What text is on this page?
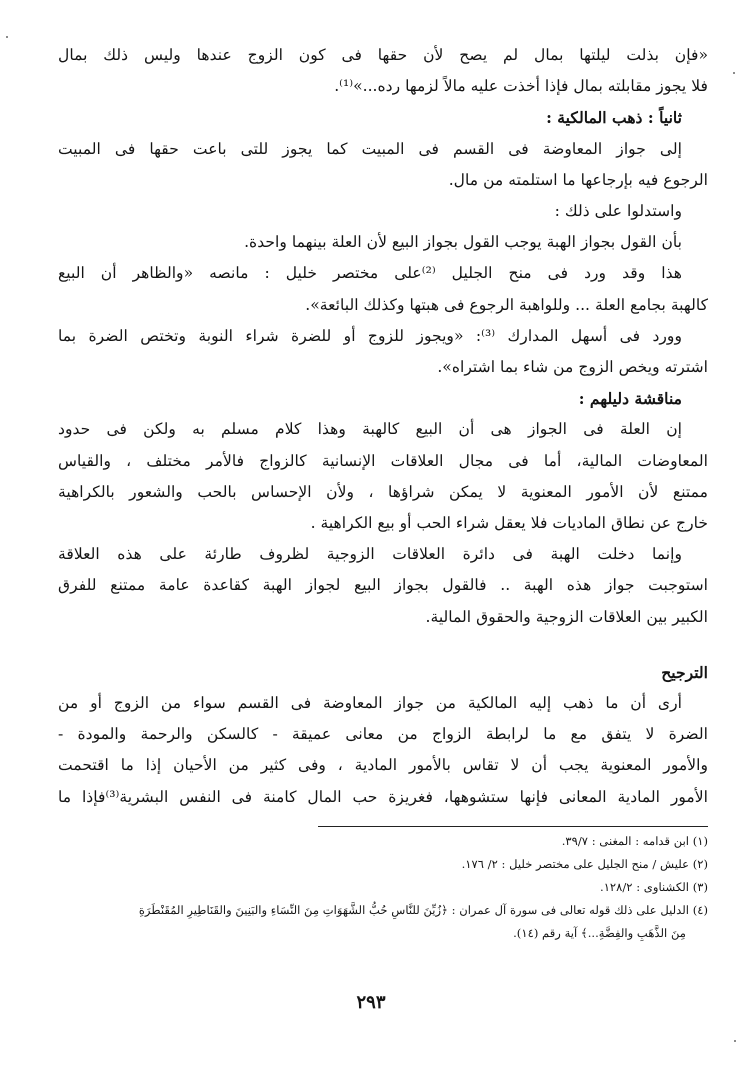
«فإن بذلت ليلتها بمال لم يصح لأن حقها فى كون الزوج عندها وليس ذلك بمال
فلا يجوز مقابلته بمال فإذا أخذت عليه مالاً لزمها رده...»⁽¹⁾.
ثانياً : ذهب المالكية :
إلى جواز المعاوضة فى القسم فى المبيت كما يجوز للتى باعت حقها فى المبيت
الرجوع فيه بإرجاعها ما استلمته من مال.
واستدلوا على ذلك :
بأن القول بجواز الهبة يوجب القول بجواز البيع لأن العلة بينهما واحدة.
هذا وقد ورد فى منح الجليل ⁽²⁾على مختصر خليل : مانصه «والظاهر أن البيع
كالهبة بجامع العلة ... وللواهبة الرجوع فى هبتها وكذلك البائعة».
وورد فى أسهل المدارك ⁽³⁾: «ويجوز للزوج أو للضرة شراء النوبة وتختص الضرة بما
اشترته ويخص الزوج من شاء بما اشتراه».
مناقشة دليلهم :
إن العلة فى الجواز هى أن البيع كالهبة وهذا كلام مسلم به ولكن فى حدود
المعاوضات المالية، أما فى مجال العلاقات الإنسانية كالزواج فالأمر مختلف ، والقياس
ممتنع لأن الأمور المعنوية لا يمكن شراؤها ، ولأن الإحساس بالحب والشعور بالكراهية
خارج عن نطاق الماديات فلا يعقل شراء الحب أو بيع الكراهية .
وإنما دخلت الهبة فى دائرة العلاقات الزوجية لظروف طارئة على هذه العلاقة
استوجبت جواز هذه الهبة .. فالقول بجواز البيع لجواز الهبة كقاعدة عامة ممتنع للفرق
الكبير بين العلاقات الزوجية والحقوق المالية.
الترجيح
أرى أن ما ذهب إليه المالكية من جواز المعاوضة فى القسم سواء من الزوج أو من
الضرة لا يتفق مع ما لرابطة الزواج من معانى عميقة - كالسكن والرحمة والمودة -
والأمور المعنوية يجب أن لا تقاس بالأمور المادية ، وفى كثير من الأحيان إذا ما اقتحمت
الأمور المادية المعانى فإنها ستشوهها، فغريزة حب المال كامنة فى النفس البشرية⁽³⁾فإذا ما
(١) ابن قدامه : المغنى : ٣٩/٧.
(٢) عليش / منح الجليل على مختصر خليل : ٢/ ١٧٦.
(٣) الكشناوى : ١٢٨/٢.
(٤) الدليل على ذلك قوله تعالى فى سورة آل عمران : ﴿زُيِّنَ للنَّاسِ حُبُّ الشَّهَوَاتِ مِنَ النِّسَاءِ والبَنِينَ والقَنَاطِيرِ المُقَنْطَرَةِ
مِنَ الذَّهَبِ والفِضَّةِ...﴾ آية رقم (١٤).
٢٩٣
